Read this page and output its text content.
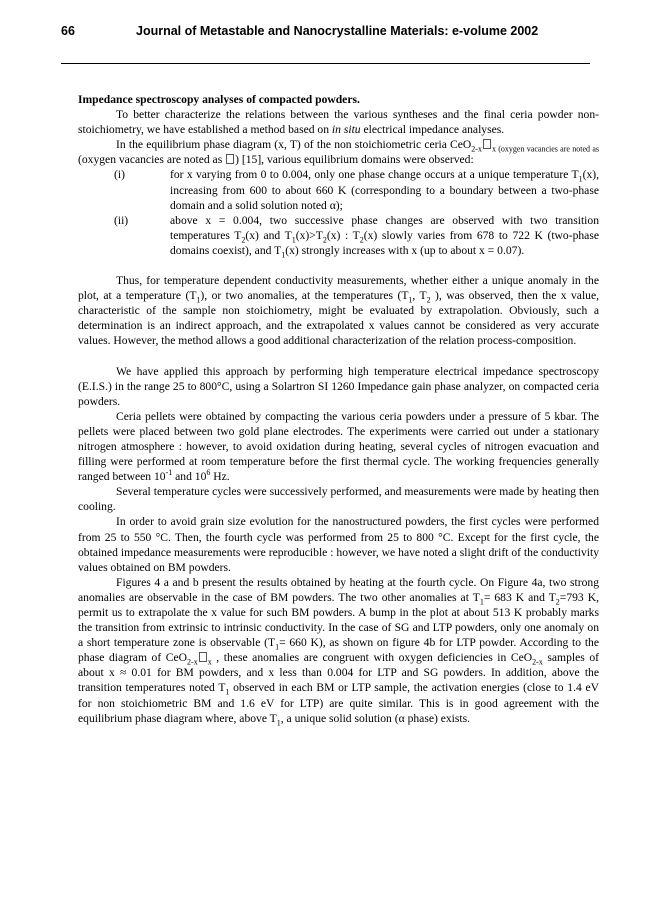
66	Journal of Metastable and Nanocrystalline Materials: e-volume 2002

Impedance spectroscopy analyses of compacted powders.

To better characterize the relations between the various syntheses and the final ceria powder non-stoichiometry, we have established a method based on in situ electrical impedance analyses.

In the equilibrium phase diagram (x, T) of the non stoichiometric ceria CeO$_{2-x}$ $_{x (oxygen vacancies are noted as}$ (oxygen vacancies are noted as ) [15], various equilibrium domains were observed:

(i)	for x varying from 0 to 0.004, only one phase change occurs at a unique temperature $T_1(x)$, increasing from 600 to about 660 K (corresponding to a boundary between a two-phase domain and a solid solution noted α);
(ii)	above x = 0.004, two successive phase changes are observed with two transition temperatures $T_2(x)$ and $T_1(x)>T_2(x)$ : $T_2(x)$ slowly varies from 678 to 722 K (two-phase domains coexist), and $T_1(x)$ strongly increases with x (up to about x = 0.07).

Thus, for temperature dependent conductivity measurements, whether either a unique anomaly in the plot, at a temperature $(T_1)$, or two anomalies, at the temperatures ($T_1$, $T_2$ ), was observed, then the x value, characteristic of the sample non stoichiometry, might be evaluated by extrapolation. Obviously, such a determination is an indirect approach, and the extrapolated x values cannot be considered as very accurate values. However, the method allows a good additional characterization of the relation process-composition.

We have applied this approach by performing high temperature electrical impedance spectroscopy (E.I.S.) in the range 25 to 800°C, using a Solartron SI 1260 Impedance gain phase analyzer, on compacted ceria powders.

Ceria pellets were obtained by compacting the various ceria powders under a pressure of 5 kbar. The pellets were placed between two gold plane electrodes. The experiments were carried out under a stationary nitrogen atmosphere : however, to avoid oxidation during heating, several cycles of nitrogen evacuation and filling were performed at room temperature before the first thermal cycle. The working frequencies generally ranged between $10^{-1}$ and $10^6$ Hz.

Several temperature cycles were successively performed, and measurements were made by heating then cooling.

In order to avoid grain size evolution for the nanostructured powders, the first cycles were performed from 25 to 550 °C. Then, the fourth cycle was performed from 25 to 800 °C. Except for the first cycle, the obtained impedance measurements were reproducible : however, we have noted a slight drift of the conductivity values obtained on BM powders.

Figures 4 a and b present the results obtained by heating at the fourth cycle. On Figure 4a, two strong anomalies are observable in the case of BM powders. The two other anomalies at $T_1= 683$ K and $T_2=793$ K, permit us to extrapolate the x value for such BM powders. A bump in the plot at about 513 K probably marks the transition from extrinsic to intrinsic conductivity. In the case of SG and LTP powders, only one anomaly on a short temperature zone is observable ($T_1= 660$ K), as shown on figure 4b for LTP powder. According to the phase diagram of CeO$_{2-x}$ $_x$ , these anomalies are congruent with oxygen deficiencies in CeO$_{2-x}$ samples of about x ≈ 0.01 for BM powders, and x less than 0.004 for LTP and SG powders. In addition, above the transition temperatures noted $T_1$ observed in each BM or LTP sample, the activation energies (close to 1.4 eV for non stoichiometric BM and 1.6 eV for LTP) are quite similar. This is in good agreement with the equilibrium phase diagram where, above $T_1$, a unique solid solution (α phase) exists.
